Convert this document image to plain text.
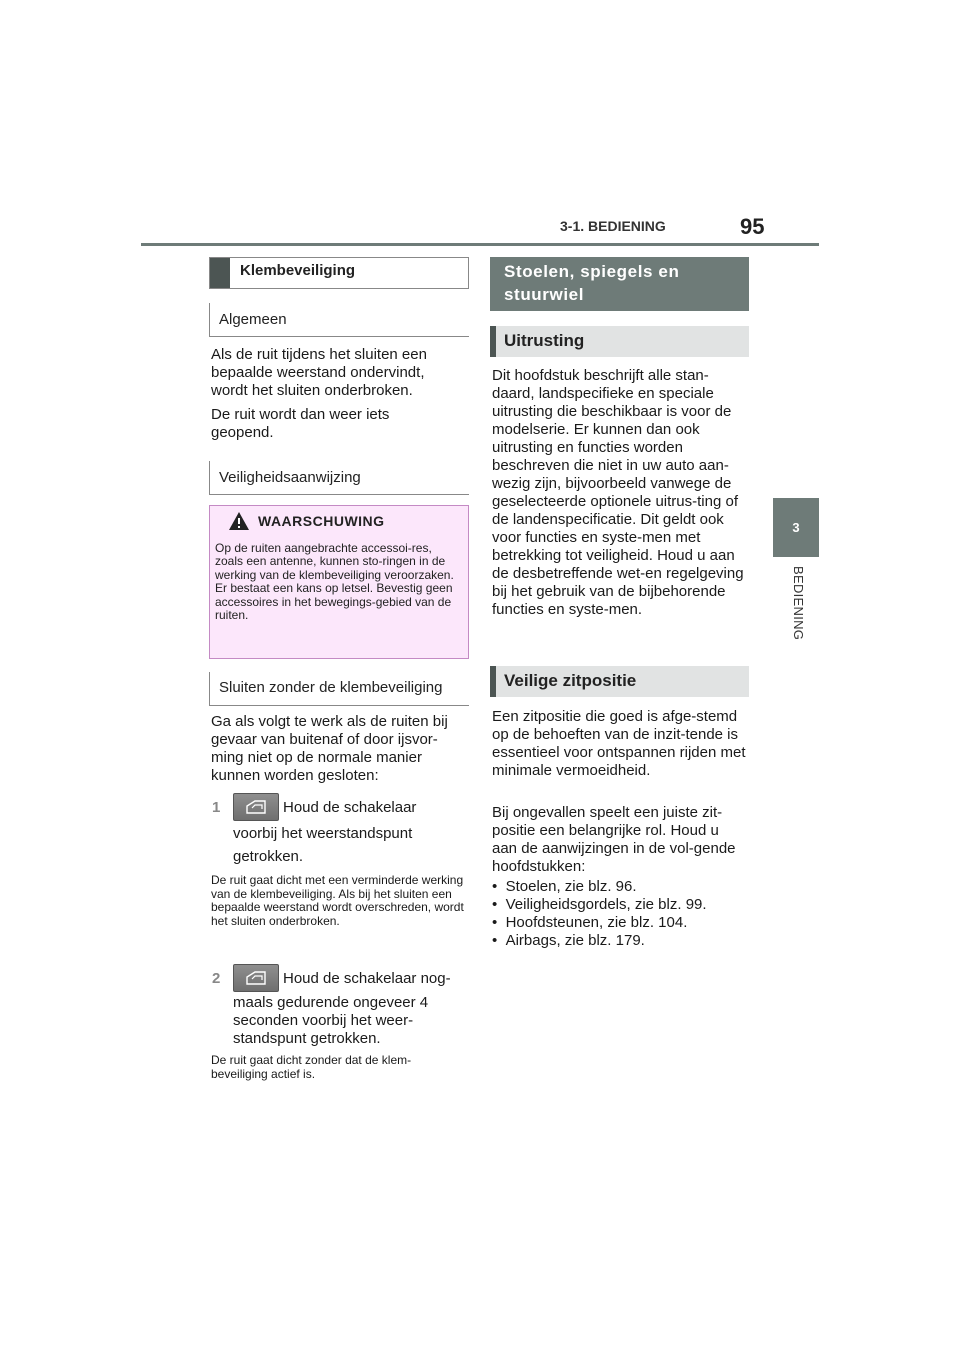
3-1. BEDIENING	95
3
BEDIENING
Klembeveiliging
Algemeen
Als de ruit tijdens het sluiten een bepaalde weerstand ondervindt, wordt het sluiten onderbroken.
De ruit wordt dan weer iets geopend.
Veiligheidsaanwijzing
WAARSCHUWING
Op de ruiten aangebrachte accessoi-res, zoals een antenne, kunnen sto-ringen in de werking van de klembeveiliging veroorzaken. Er bestaat een kans op letsel. Bevestig geen accessoires in het bewegings-gebied van de ruiten.
Sluiten zonder de klembeveiliging
Ga als volgt te werk als de ruiten bij gevaar van buitenaf of door ijsvor-ming niet op de normale manier kunnen worden gesloten:
1	Houd de schakelaar
voorbij het weerstandspunt
getrokken.
De ruit gaat dicht met een verminderde werking van de klembeveiliging. Als bij het sluiten een bepaalde weerstand wordt overschreden, wordt het sluiten onderbroken.
2	Houd de schakelaar nog-
maals gedurende ongeveer 4 seconden voorbij het weer-standspunt getrokken.
De ruit gaat dicht zonder dat de klem-beveiliging actief is.
Stoelen, spiegels en stuurwiel
Uitrusting
Dit hoofdstuk beschrijft alle stan-daard, landspecifieke en speciale uitrusting die beschikbaar is voor de modelserie. Er kunnen dan ook uitrusting en functies worden beschreven die niet in uw auto aan-wezig zijn, bijvoorbeeld vanwege de geselecteerde optionele uitrus-ting of de landenspecificatie. Dit geldt ook voor functies en syste-men met betrekking tot veiligheid. Houd u aan de desbetreffende wet-en regelgeving bij het gebruik van de bijbehorende functies en syste-men.
Veilige zitpositie
Een zitpositie die goed is afge-stemd op de behoeften van de inzit-tende is essentieel voor ontspannen rijden met minimale vermoeidheid.
Bij ongevallen speelt een juiste zit-positie een belangrijke rol. Houd u aan de aanwijzingen in de vol-gende hoofdstukken:
•  Stoelen, zie blz. 96.
•  Veiligheidsgordels, zie blz. 99.
•  Hoofdsteunen, zie blz. 104.
•  Airbags, zie blz. 179.
